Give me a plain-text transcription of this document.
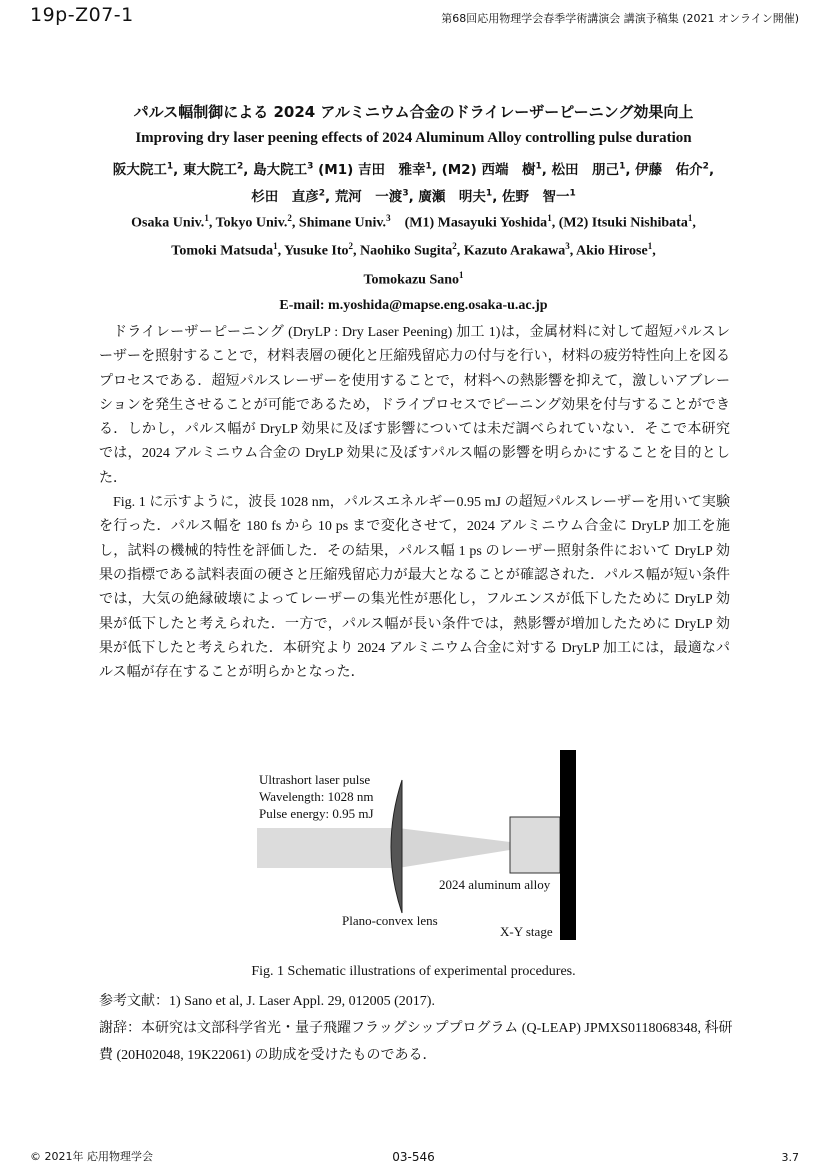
19p-Z07-1	第68回応用物理学会春季学術講演会 講演予稿集 (2021 オンライン開催)
パルス幅制御による 2024 アルミニウム合金のドライレーザーピーニング効果向上
Improving dry laser peening effects of 2024 Aluminum Alloy controlling pulse duration
阪大院工$^1$, 東大院工$^2$, 島大院工$^3$ (M1) 吉田　雅幸$^1$, (M2) 西端　樹$^1$, 松田　朋己$^1$, 伊藤　佑介$^2$,
杉田　直彦$^2$, 荒河　一渡$^3$, 廣瀬　明夫$^1$, 佐野　智一$^1$
Osaka Univ.$^1$, Tokyo Univ.$^2$, Shimane Univ.$^3$ (M1) Masayuki Yoshida$^1$, (M2) Itsuki Nishibata$^1$,
Tomoki Matsuda$^1$, Yusuke Ito$^2$, Naohiko Sugita$^2$, Kazuto Arakawa$^3$, Akio Hirose$^1$,
Tomokazu Sano$^1$
E-mail: m.yoshida@mapse.eng.osaka-u.ac.jp

ドライレーザーピーニング (DryLP : Dry Laser Peening) 加工 1)は，金属材料に対して超短パルスレーザーを照射することで，材料表層の硬化と圧縮残留応力の付与を行い，材料の疲労特性向上を図るプロセスである．超短パルスレーザーを使用することで，材料への熱影響を抑えて，激しいアブレーションを発生させることが可能であるため，ドライプロセスでピーニング効果を付与することができる．しかし，パルス幅が DryLP 効果に及ぼす影響については未だ調べられていない．そこで本研究では，2024 アルミニウム合金の DryLP 効果に及ぼすパルス幅の影響を明らかにすることを目的とした．

Fig. 1 に示すように，波長 1028 nm，パルスエネルギー0.95 mJ の超短パルスレーザーを用いて実験を行った．パルス幅を 180 fs から 10 ps まで変化させて，2024 アルミニウム合金に DryLP 加工を施し，試料の機械的特性を評価した．その結果，パルス幅 1 ps のレーザー照射条件において DryLP 効果の指標である試料表面の硬さと圧縮残留応力が最大となることが確認された．パルス幅が短い条件では，大気の絶縁破壊によってレーザーの集光性が悪化し，フルエンスが低下したために DryLP 効果が低下したと考えられた．一方で，パルス幅が長い条件では，熱影響が増加したために DryLP 効果が低下したと考えられた．本研究より 2024 アルミニウム合金に対する DryLP 加工には，最適なパルス幅が存在することが明らかとなった．

Ultrashort laser pulse
Wavelength: 1028 nm
Pulse energy: 0.95 mJ
2024 aluminum alloy
Plano-convex lens
X-Y stage
Fig. 1 Schematic illustrations of experimental procedures.
参考文献：1) Sano et al, J. Laser Appl. 29, 012005 (2017).
謝辞：本研究は文部科学省光・量子飛躍フラッグシッププログラム (Q-LEAP) JPMXS0118068348, 科研費 (20H02048, 19K22061) の助成を受けたものである．
© 2021年 応用物理学会	03-546	3.7
